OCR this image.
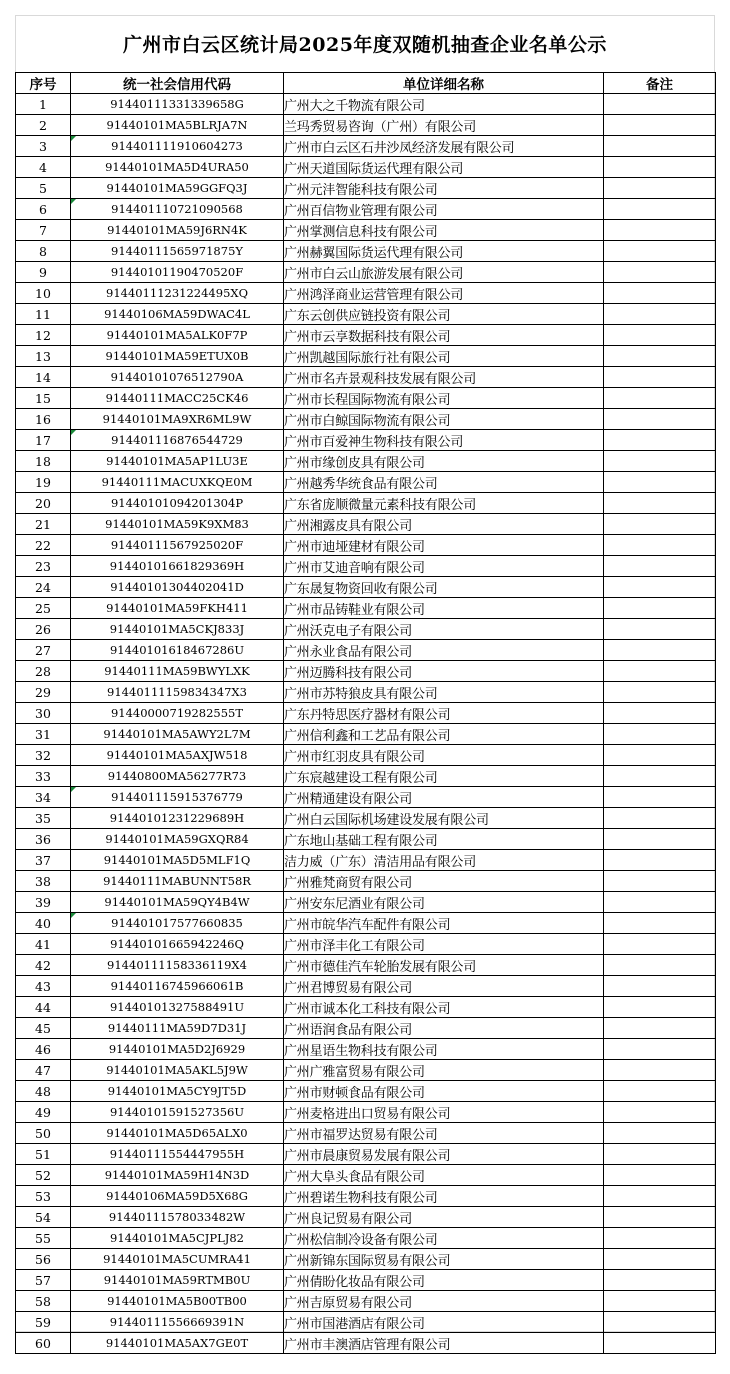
广州市白云区统计局2025年度双随机抽查企业名单公示
序号	统一社会信用代码	单位详细名称	备注
1	91440111331339658G	广州大之千物流有限公司	
2	91440101MA5BLRJA7N	兰玛秀贸易咨询（广州）有限公司	
3	914401111910604273	广州市白云区石井沙凤经济发展有限公司	
4	91440101MA5D4URA50	广州天道国际货运代理有限公司	
5	91440101MA59GGFQ3J	广州元沣智能科技有限公司	
6	914401110721090568	广州百信物业管理有限公司	
7	91440101MA59J6RN4K	广州掌测信息科技有限公司	
8	91440111565971875Y	广州赫翼国际货运代理有限公司	
9	91440101190470520F	广州市白云山旅游发展有限公司	
10	91440111231224495XQ	广州鸿泽商业运营管理有限公司	
11	91440106MA59DWAC4L	广东云创供应链投资有限公司	
12	91440101MA5ALK0F7P	广州市云享数据科技有限公司	
13	91440101MA59ETUX0B	广州凯越国际旅行社有限公司	
14	91440101076512790A	广州市名卉景观科技发展有限公司	
15	91440111MACC25CK46	广州市长程国际物流有限公司	
16	91440101MA9XR6ML9W	广州市白鲸国际物流有限公司	
17	914401116876544729	广州市百爱神生物科技有限公司	
18	91440101MA5AP1LU3E	广州市缘创皮具有限公司	
19	91440111MACUXKQE0M	广州越秀华统食品有限公司	
20	91440101094201304P	广东省庞顺微量元素科技有限公司	
21	91440101MA59K9XM83	广州湘露皮具有限公司	
22	91440111567925020F	广州市迪垭建材有限公司	
23	91440101661829369H	广州市艾迪音响有限公司	
24	91440101304402041D	广东晟复物资回收有限公司	
25	91440101MA59FKH411	广州市品铸鞋业有限公司	
26	91440101MA5CKJ833J	广州沃克电子有限公司	
27	91440101618467286U	广州永业食品有限公司	
28	91440111MA59BWYLXK	广州迈腾科技有限公司	
29	91440111159834347X3	广州市苏特狼皮具有限公司	
30	91440000719282555T	广东丹特思医疗器材有限公司	
31	91440101MA5AWY2L7M	广州信利鑫和工艺品有限公司	
32	91440101MA5AXJW518	广州市红羽皮具有限公司	
33	91440800MA56277R73	广东宸越建设工程有限公司	
34	914401115915376779	广州精通建设有限公司	
35	91440101231229689H	广州白云国际机场建设发展有限公司	
36	91440101MA59GXQR84	广东地山基础工程有限公司	
37	91440101MA5D5MLF1Q	洁力威（广东）清洁用品有限公司	
38	91440111MABUNNT58R	广州雅梵商贸有限公司	
39	91440101MA59QY4B4W	广州安东尼酒业有限公司	
40	914401017577660835	广州市皖华汽车配件有限公司	
41	91440101665942246Q	广州市泽丰化工有限公司	
42	91440111158336119X4	广州市德佳汽车轮胎发展有限公司	
43	91440116745966061B	广州君博贸易有限公司	
44	91440101327588491U	广州市诚本化工科技有限公司	
45	91440111MA59D7D31J	广州语润食品有限公司	
46	91440101MA5D2J6929	广州星语生物科技有限公司	
47	91440101MA5AKL5J9W	广州广雅富贸易有限公司	
48	91440101MA5CY9JT5D	广州市财顿食品有限公司	
49	91440101591527356U	广州麦格进出口贸易有限公司	
50	91440101MA5D65ALX0	广州市福罗达贸易有限公司	
51	91440111554447955H	广州市晨康贸易发展有限公司	
52	91440101MA59H14N3D	广州大阜头食品有限公司	
53	91440106MA59D5X68G	广州碧诺生物科技有限公司	
54	91440111578033482W	广州良记贸易有限公司	
55	91440101MA5CJPLJ82	广州松信制冷设备有限公司	
56	91440101MA5CUMRA41	广州新锦东国际贸易有限公司	
57	91440101MA59RTMB0U	广州倩盼化妆品有限公司	
58	91440101MA5B00TB00	广州吉原贸易有限公司	
59	91440111556669391N	广州市国港酒店有限公司	
60	91440101MA5AX7GE0T	广州市丰澳酒店管理有限公司	
